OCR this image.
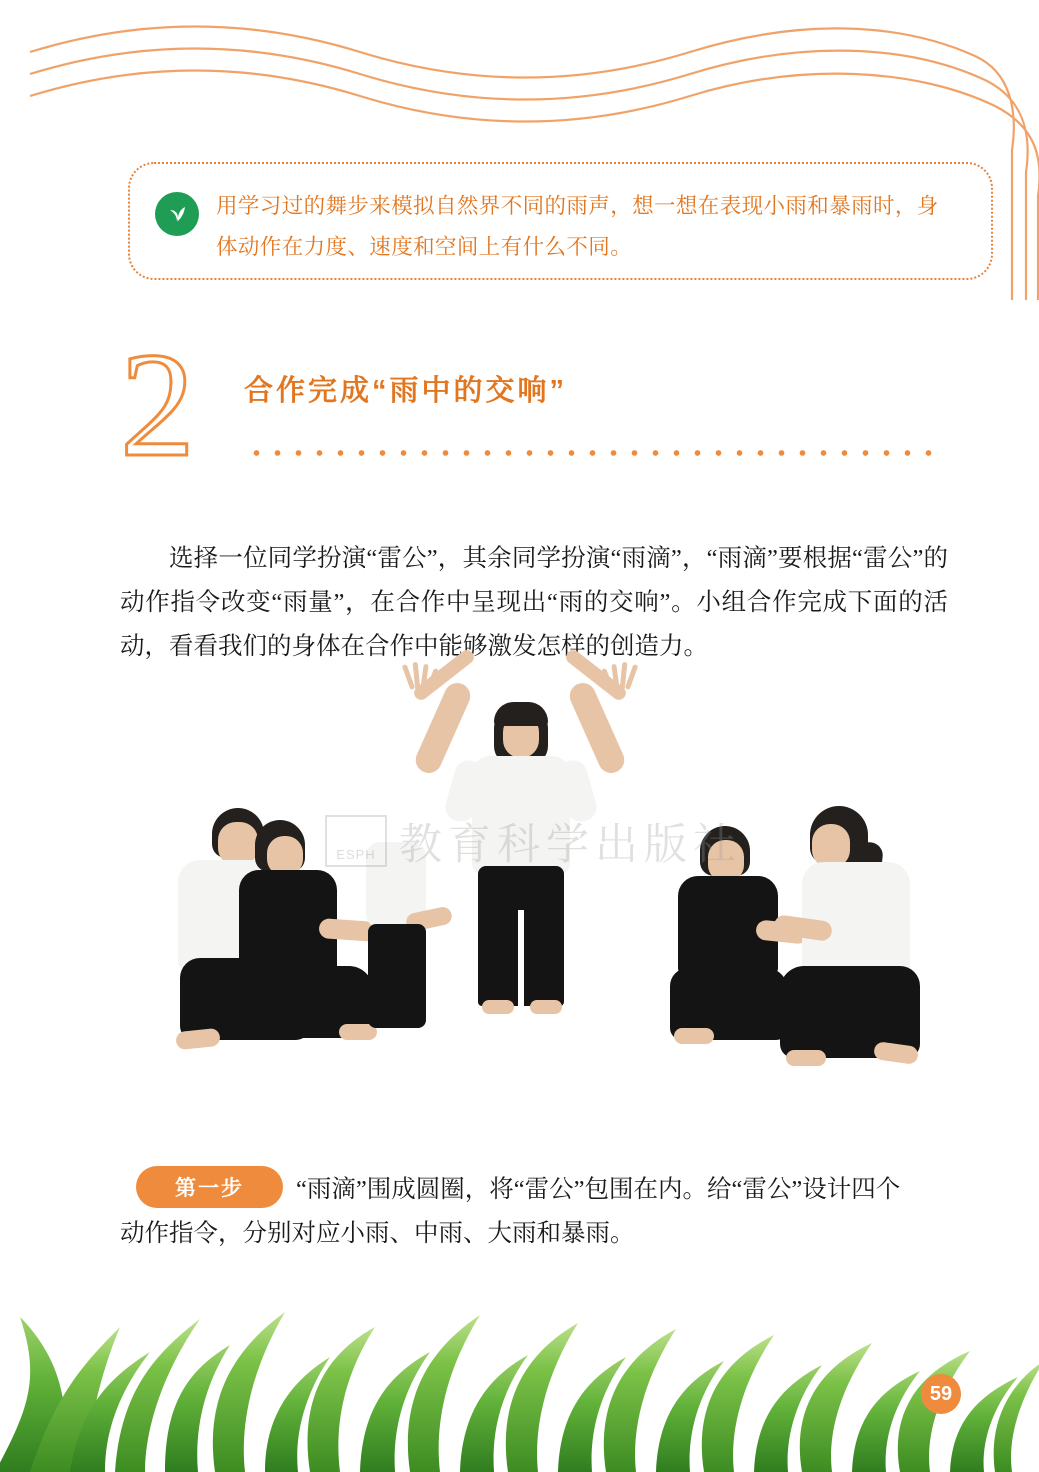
用学习过的舞步来模拟自然界不同的雨声，想一想在表现小雨和暴雨时，身体动作在力度、速度和空间上有什么不同。
2 合作完成“雨中的交响”

选择一位同学扮演“雷公”，其余同学扮演“雨滴”，“雨滴”要根据“雷公”的动作指令改变“雨量”，在合作中呈现出“雨的交响”。小组合作完成下面的活动，看看我们的身体在合作中能够激发怎样的创造力。

ESPH 教育科学出版社
第一步	“雨滴”围成圆圈，将“雷公”包围在内。给“雷公”设计四个
动作指令，分别对应小雨、中雨、大雨和暴雨。
59
